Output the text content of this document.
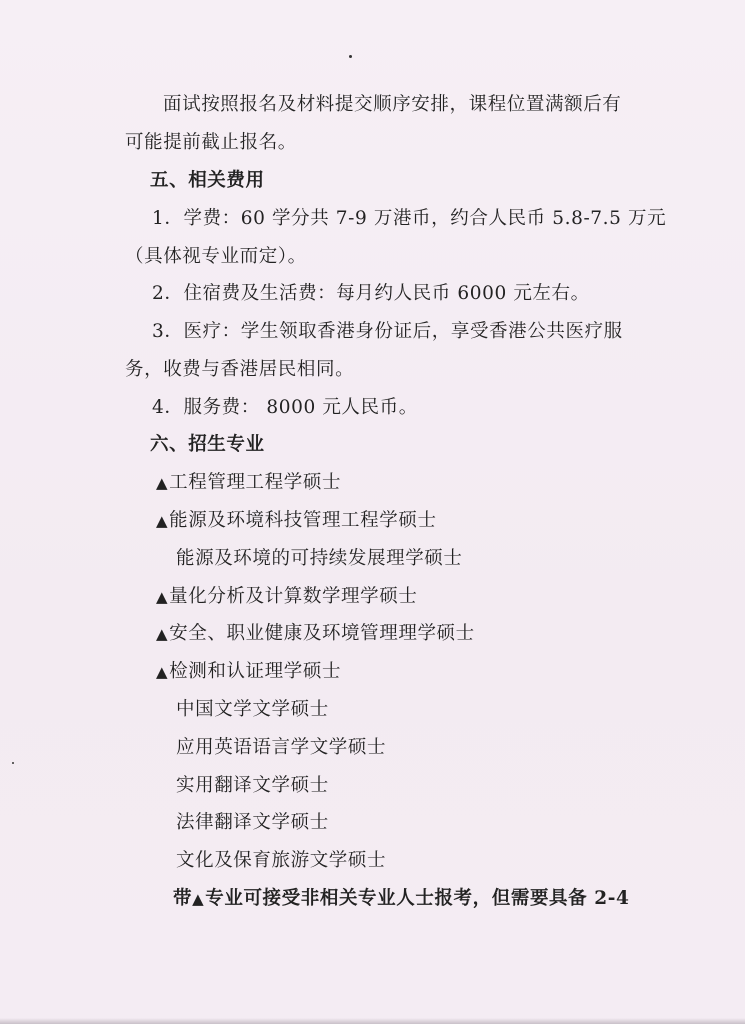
面试按照报名及材料提交顺序安排，课程位置满额后有
可能提前截止报名。
五、相关费用
1．学费：60 学分共 7-9 万港币，约合人民币 5.8-7.5 万元
（具体视专业而定）。
2．住宿费及生活费：每月约人民币 6000 元左右。
3．医疗：学生领取香港身份证后，享受香港公共医疗服
务，收费与香港居民相同。
4．服务费： 8000 元人民币。
六、招生专业
▲工程管理工程学硕士
▲能源及环境科技管理工程学硕士
能源及环境的可持续发展理学硕士
▲量化分析及计算数学理学硕士
▲安全、职业健康及环境管理理学硕士
▲检测和认证理学硕士
中国文学文学硕士
应用英语语言学文学硕士
实用翻译文学硕士
法律翻译文学硕士
文化及保育旅游文学硕士
带▲专业可接受非相关专业人士报考，但需要具备 2-4
